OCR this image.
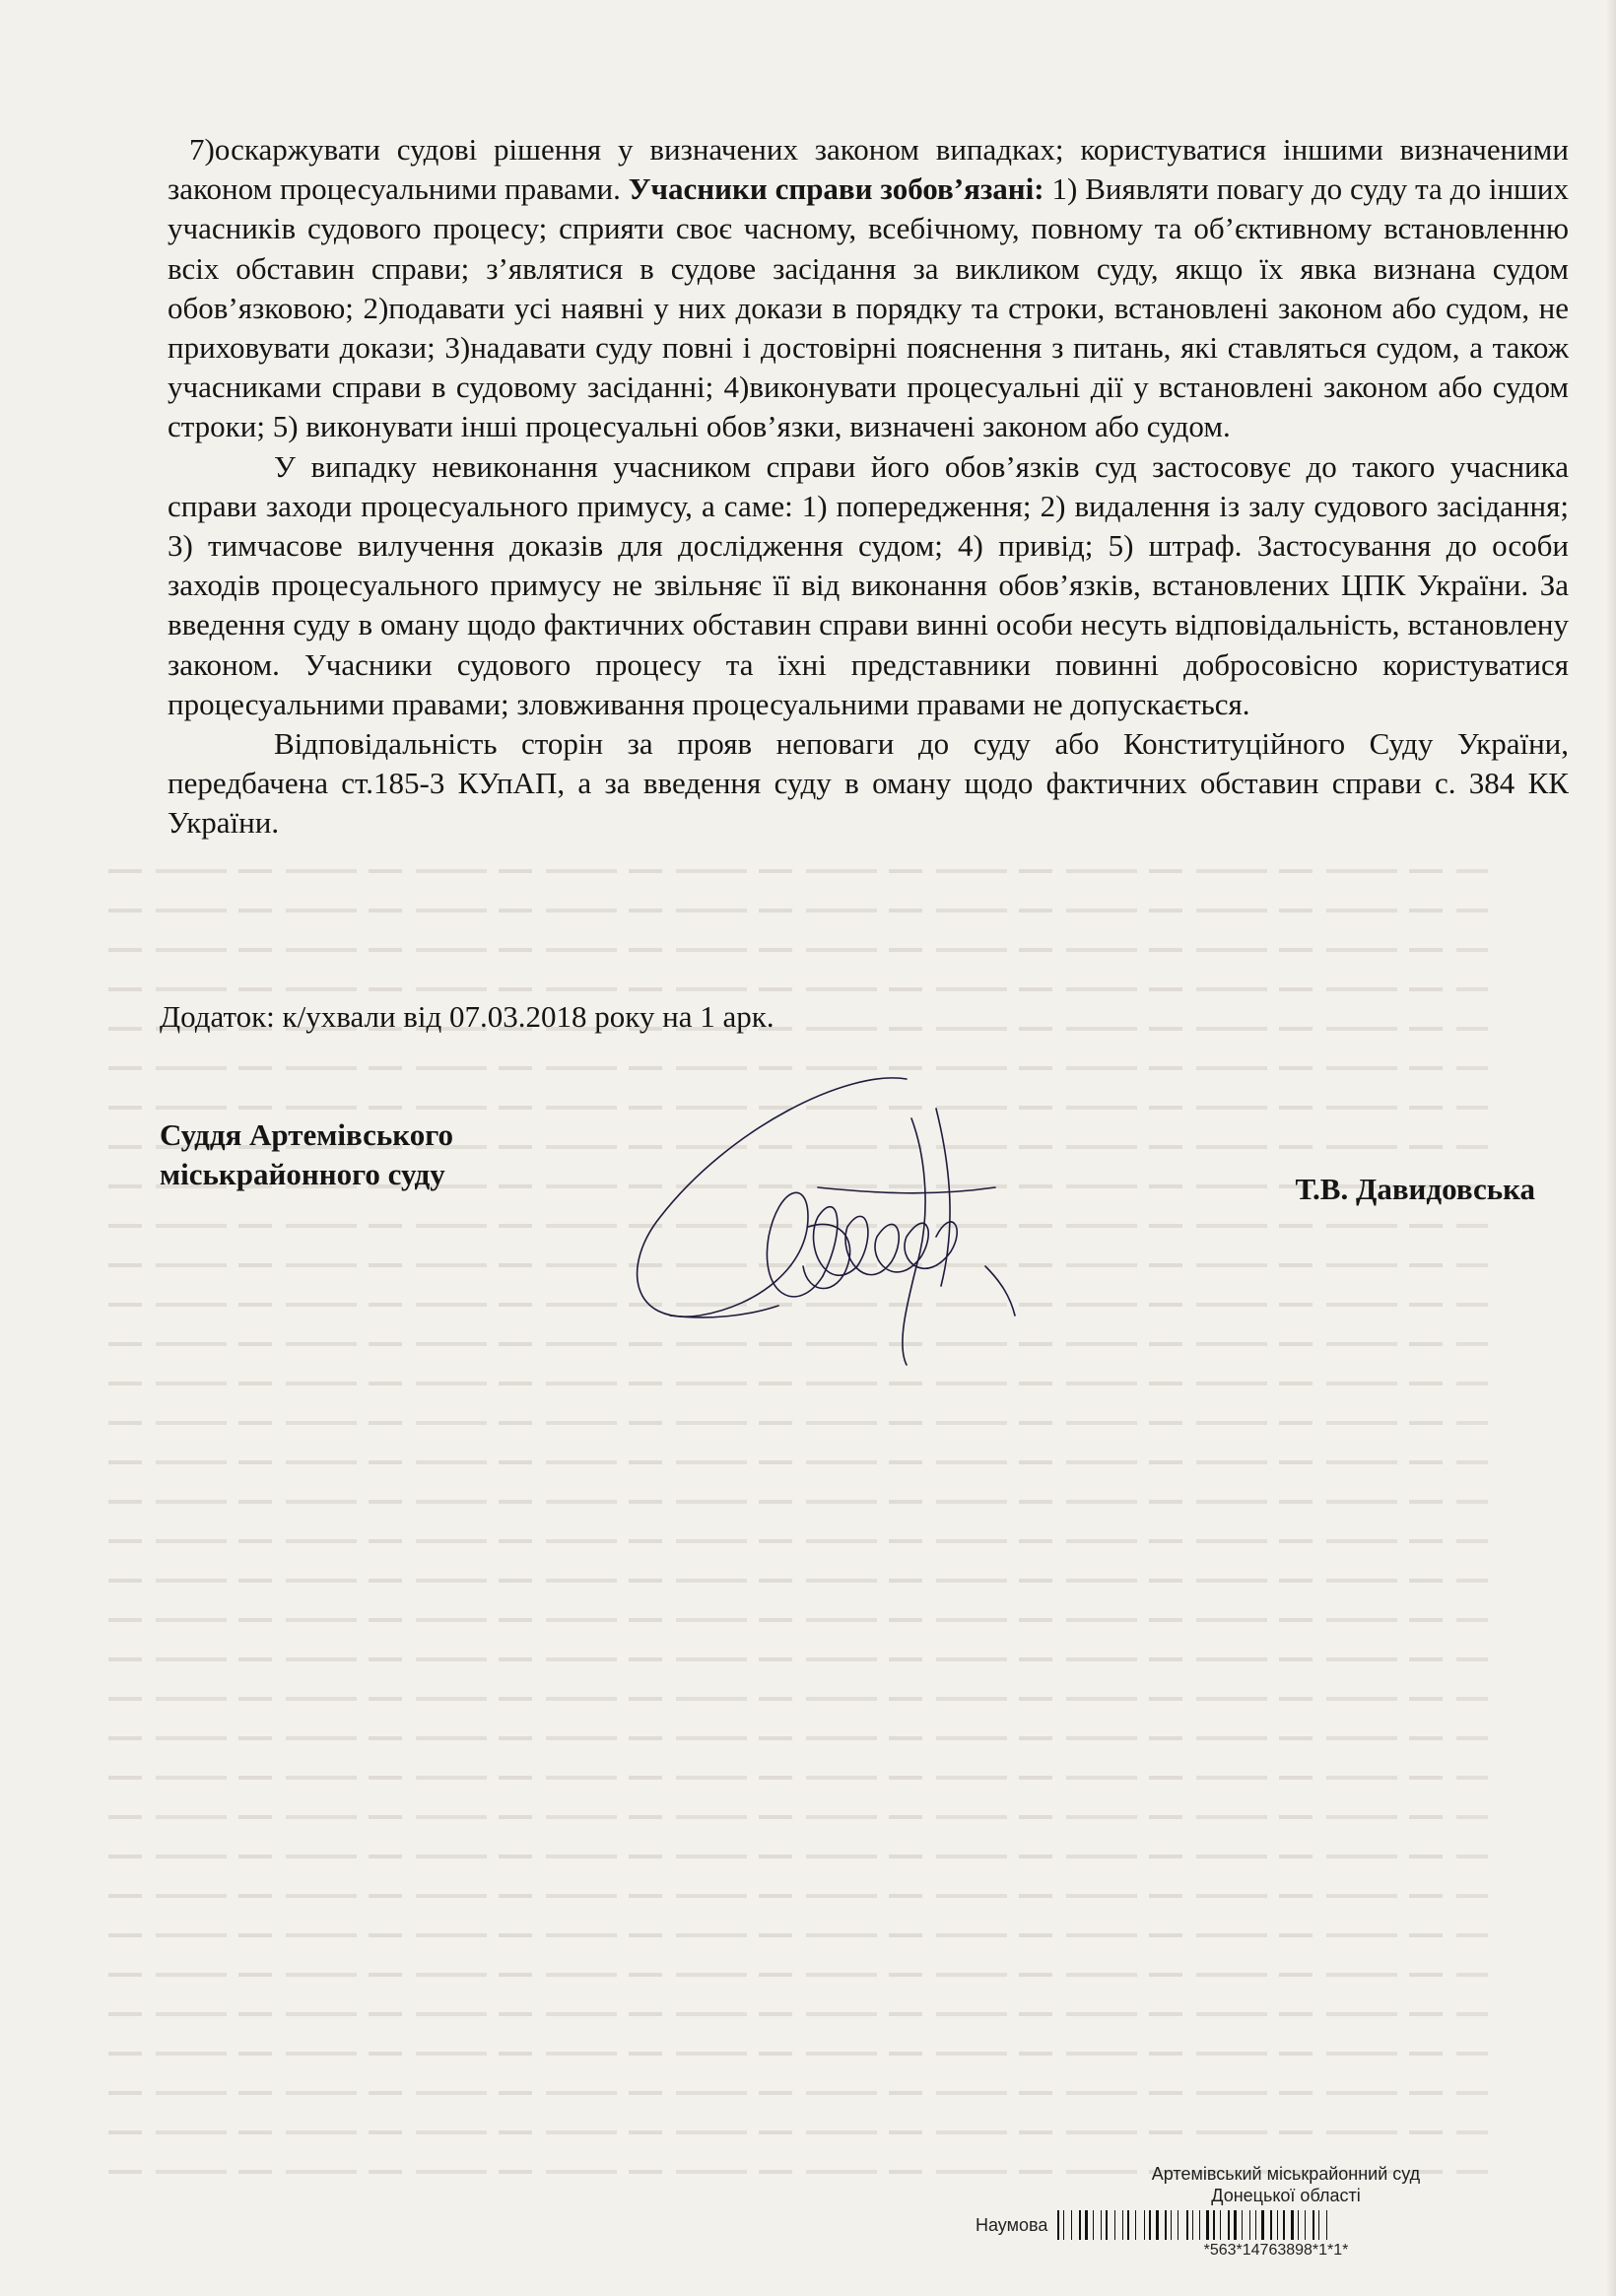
7)оскаржувати судові рішення у визначених законом випадках; користуватися іншими визначеними законом процесуальними правами. Учасники справи зобов’язані: 1) Виявляти повагу до суду та до інших учасників судового процесу; сприяти своє часному, всебічному, повному та об’єктивному встановленню всіх обставин справи; з’являтися в судове засідання за викликом суду, якщо їх явка визнана судом обов’язковою; 2)подавати усі наявні у них докази в порядку та строки, встановлені законом або судом, не приховувати докази; 3)надавати суду повні і достовірні пояснення з питань, які ставляться судом, а також учасниками справи в судовому засіданні; 4)виконувати процесуальні дії у встановлені законом або судом строки; 5) виконувати інші процесуальні обов’язки, визначені законом або судом.

У випадку невиконання учасником справи його обов’язків суд застосовує до такого учасника справи заходи процесуального примусу, а саме: 1) попередження; 2) видалення із залу судового засідання; 3) тимчасове вилучення доказів для дослідження судом; 4) привід; 5) штраф. Застосування до особи заходів процесуального примусу не звільняє її від виконання обов’язків, встановлених ЦПК України. За введення суду в оману щодо фактичних обставин справи винні особи несуть відповідальність, встановлену законом. Учасники судового процесу та їхні представники повинні добросовісно користуватися процесуальними правами; зловживання процесуальними правами не допускається.

Відповідальність сторін за прояв неповаги до суду або Конституційного Суду України, передбачена ст.185-3 КУпАП, а за введення суду в оману щодо фактичних обставин справи с. 384 КК України.

Додаток: к/ухвали від 07.03.2018 року на 1 арк.
Суддя Артемівського
міськрайонного суду	Т.В. Давидовська
Артемівський міськрайонний суд
Донецької області
Наумова
*563*14763898*1*1*
